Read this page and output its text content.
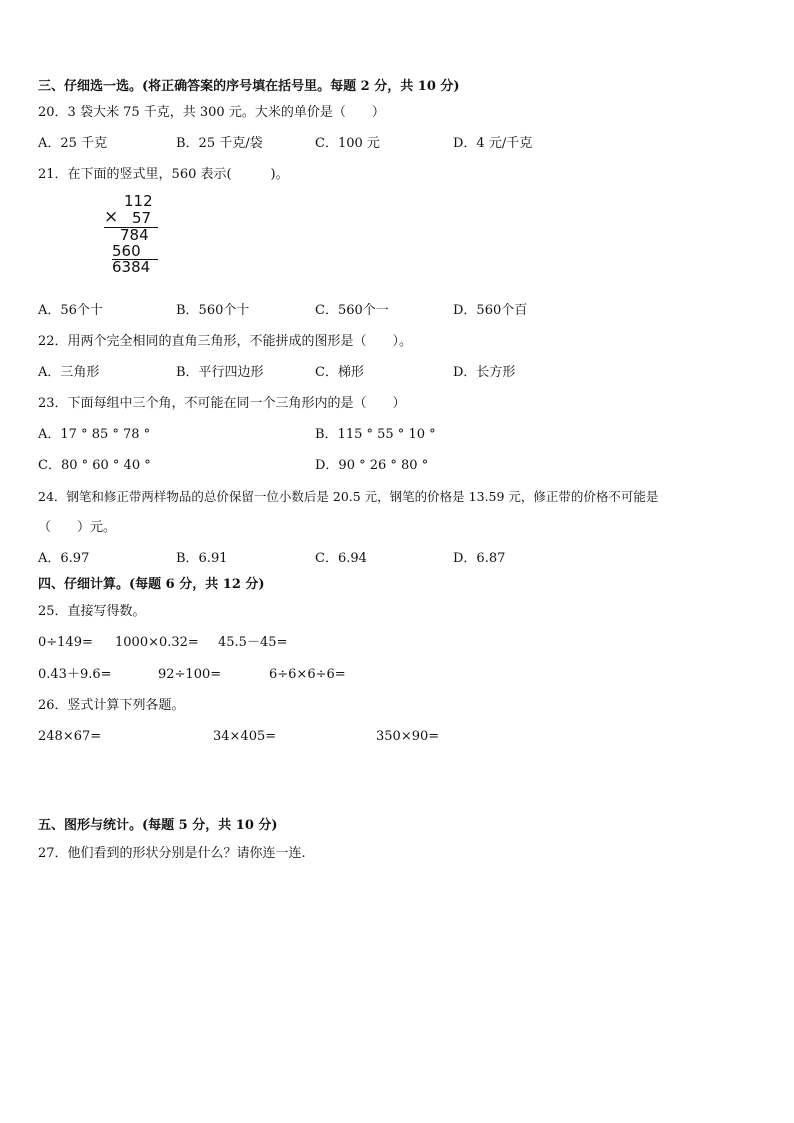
三、仔细选一选。(将正确答案的序号填在括号里。每题 2 分，共 10 分)
20．3 袋大米 75 千克，共 300 元。大米的单价是（　　）
A．25 千克	B．25 千克/袋	C．100 元	D．4 元/千克
21．在下面的竖式里，560 表示(　　　)。
112
× 57
784
560
6384
A．56个十	B．560个十	C．560个一	D．560个百
22．用两个完全相同的直角三角形，不能拼成的图形是（　　）。
A．三角形	B．平行四边形	C．梯形	D．长方形
23．下面每组中三个角，不可能在同一个三角形内的是（　　）
A．17 ° 85 ° 78 °	B．115 ° 55 ° 10 °
C．80 ° 60 ° 40 °	D．90 ° 26 ° 80 °
24．钢笔和修正带两样物品的总价保留一位小数后是 20.5 元，钢笔的价格是 13.59 元，修正带的价格不可能是
（　　）元。
A．6.97	B．6.91	C．6.94	D．6.87
四、仔细计算。(每题 6 分，共 12 分)
25．直接写得数。
0÷149= 1000×0.32= 45.5－45=
0.43＋9.6=	92÷100=	6÷6×6÷6=
26．竖式计算下列各题。
248×67=	34×405=	350×90=
五、图形与统计。(每题 5 分，共 10 分)
27．他们看到的形状分别是什么？请你连一连.
